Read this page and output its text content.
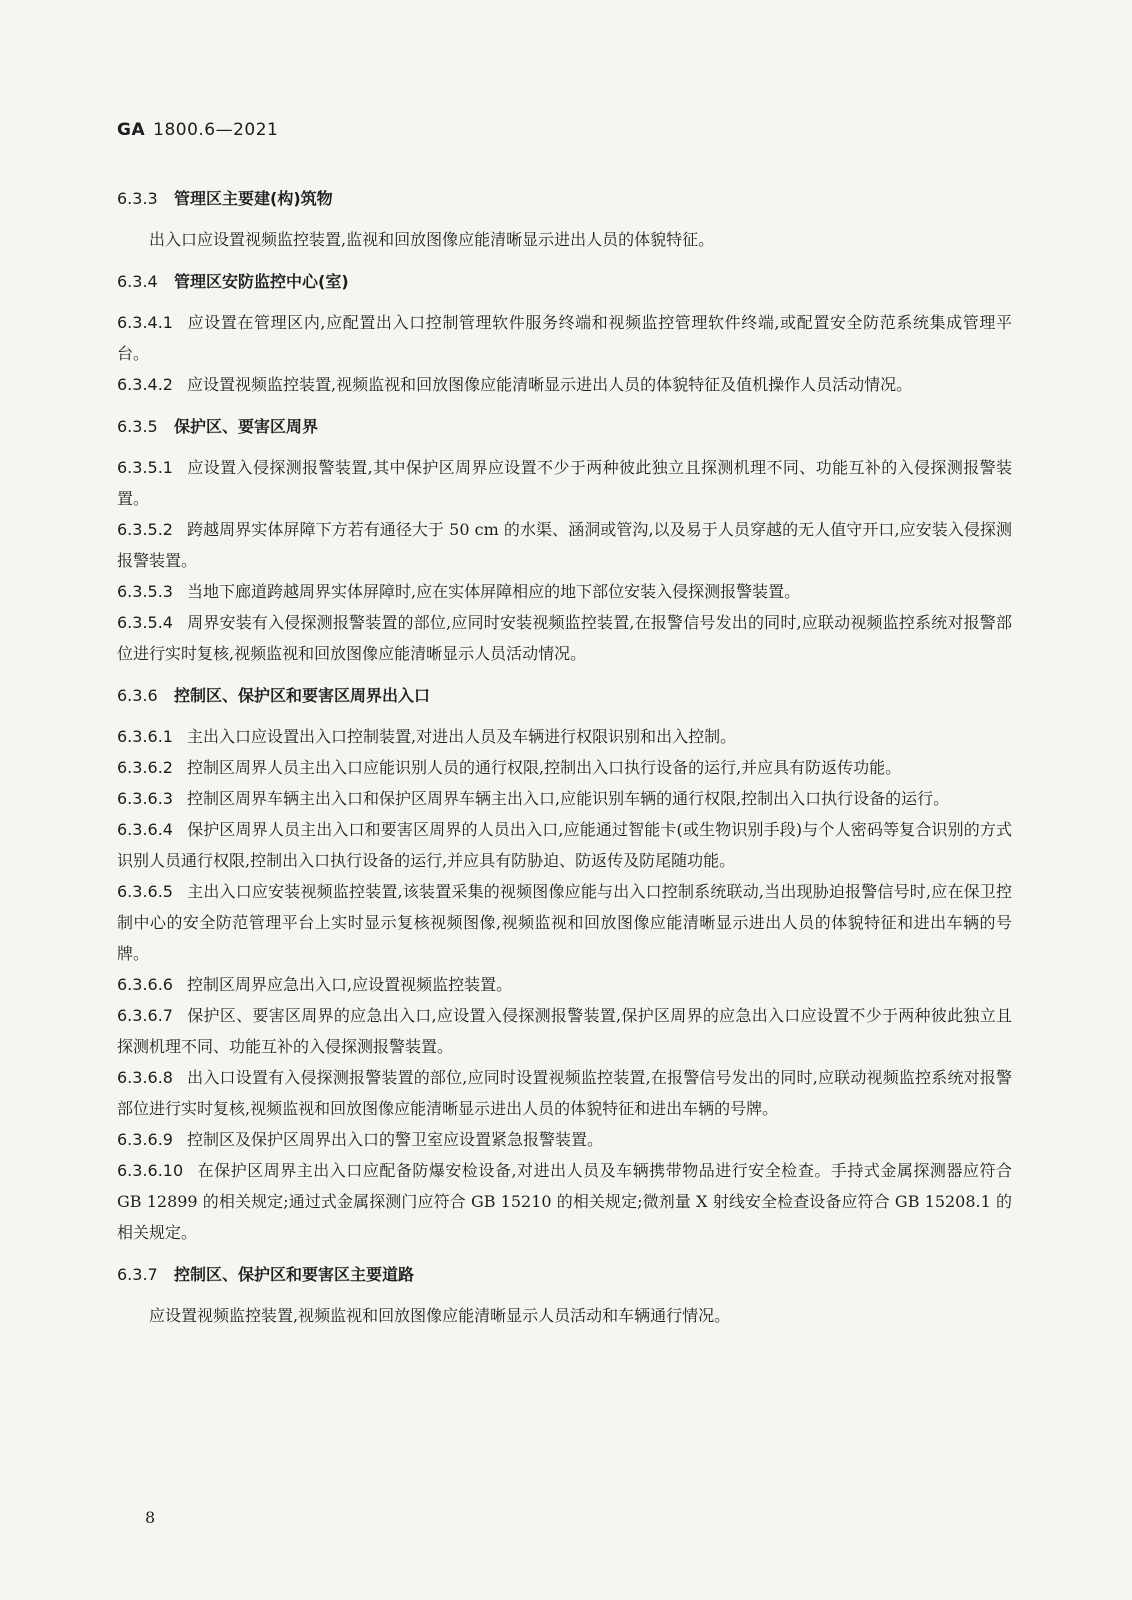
GA 1800.6—2021
6.3.3 管理区主要建(构)筑物

出入口应设置视频监控装置,监视和回放图像应能清晰显示进出人员的体貌特征。

6.3.4 管理区安防监控中心(室)

6.3.4.1 应设置在管理区内,应配置出入口控制管理软件服务终端和视频监控管理软件终端,或配置安全防范系统集成管理平台。

6.3.4.2 应设置视频监控装置,视频监视和回放图像应能清晰显示进出人员的体貌特征及值机操作人员活动情况。

6.3.5 保护区、要害区周界

6.3.5.1 应设置入侵探测报警装置,其中保护区周界应设置不少于两种彼此独立且探测机理不同、功能互补的入侵探测报警装置。

6.3.5.2 跨越周界实体屏障下方若有通径大于 50 cm 的水渠、涵洞或管沟,以及易于人员穿越的无人值守开口,应安装入侵探测报警装置。

6.3.5.3 当地下廊道跨越周界实体屏障时,应在实体屏障相应的地下部位安装入侵探测报警装置。

6.3.5.4 周界安装有入侵探测报警装置的部位,应同时安装视频监控装置,在报警信号发出的同时,应联动视频监控系统对报警部位进行实时复核,视频监视和回放图像应能清晰显示人员活动情况。

6.3.6 控制区、保护区和要害区周界出入口

6.3.6.1 主出入口应设置出入口控制装置,对进出人员及车辆进行权限识别和出入控制。

6.3.6.2 控制区周界人员主出入口应能识别人员的通行权限,控制出入口执行设备的运行,并应具有防返传功能。

6.3.6.3 控制区周界车辆主出入口和保护区周界车辆主出入口,应能识别车辆的通行权限,控制出入口执行设备的运行。

6.3.6.4 保护区周界人员主出入口和要害区周界的人员出入口,应能通过智能卡(或生物识别手段)与个人密码等复合识别的方式识别人员通行权限,控制出入口执行设备的运行,并应具有防胁迫、防返传及防尾随功能。

6.3.6.5 主出入口应安装视频监控装置,该装置采集的视频图像应能与出入口控制系统联动,当出现胁迫报警信号时,应在保卫控制中心的安全防范管理平台上实时显示复核视频图像,视频监视和回放图像应能清晰显示进出人员的体貌特征和进出车辆的号牌。

6.3.6.6 控制区周界应急出入口,应设置视频监控装置。

6.3.6.7 保护区、要害区周界的应急出入口,应设置入侵探测报警装置,保护区周界的应急出入口应设置不少于两种彼此独立且探测机理不同、功能互补的入侵探测报警装置。

6.3.6.8 出入口设置有入侵探测报警装置的部位,应同时设置视频监控装置,在报警信号发出的同时,应联动视频监控系统对报警部位进行实时复核,视频监视和回放图像应能清晰显示进出人员的体貌特征和进出车辆的号牌。

6.3.6.9 控制区及保护区周界出入口的警卫室应设置紧急报警装置。

6.3.6.10 在保护区周界主出入口应配备防爆安检设备,对进出人员及车辆携带物品进行安全检查。手持式金属探测器应符合 GB 12899 的相关规定;通过式金属探测门应符合 GB 15210 的相关规定;微剂量 X 射线安全检查设备应符合 GB 15208.1 的相关规定。

6.3.7 控制区、保护区和要害区主要道路

应设置视频监控装置,视频监视和回放图像应能清晰显示人员活动和车辆通行情况。

8
